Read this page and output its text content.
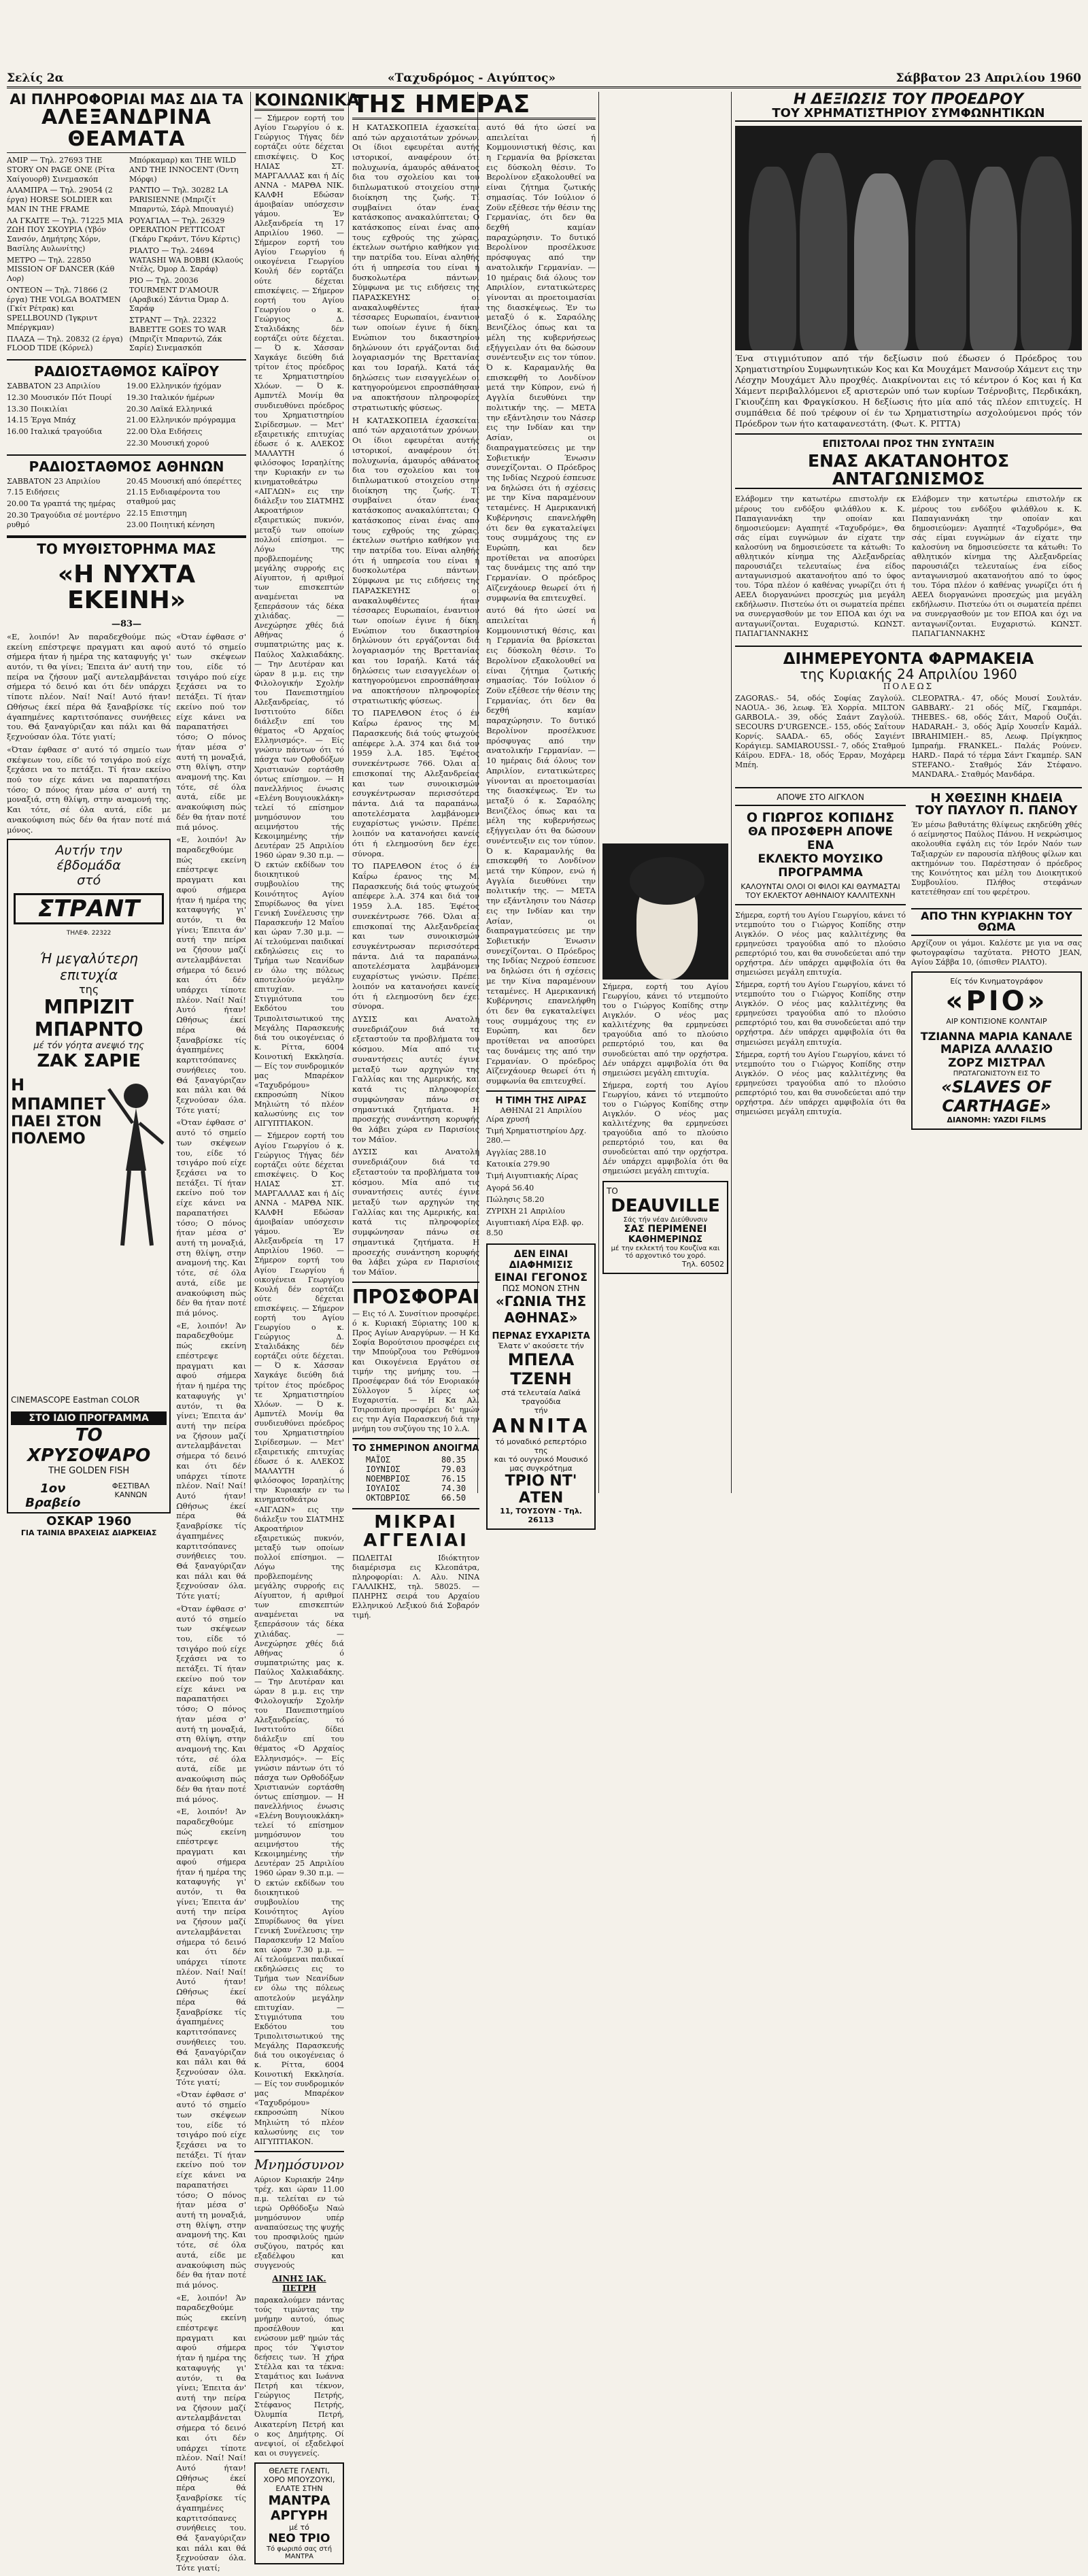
Σελίς 2α	«Ταχυδρόμος - Αιγύπτος»	Σάββατον 23 Απριλίου 1960
ΑΙ ΠΛΗΡΟΦΟΡΙΑΙ ΜΑΣ ΔΙΑ ΤΑ
ΑΛΕΞΑΝΔΡΙΝΑ ΘΕΑΜΑΤΑ
ΑΜΙΡ — Τηλ. 27693 THE STORY ON PAGE ONE (Ρίτα Χαίγουορθ) Σινεμασκόπ
ΑΛΑΜΠΡΑ — Τηλ. 29054 (2 έργα) HORSE SOLDIER και MAN IN THE FRAME
ΛΑ ΓΚΑΙΤΕ — Τηλ. 71225 ΜΙΑ ΖΩΗ ΠΟΥ ΣΚΟΥΡΙΑ (Υβόν Σανσόν, Δημήτρης Χόρν, Βασίλης Αυλωνίτης)
ΜΕΤΡΟ — Τηλ. 22850 MISSION OF DANCER (Κάθ Λορ)
ΟΝΤΕΟΝ — Τηλ. 71866 (2 έργα) THE VOLGA BOATMEN (Γκίτ Ρέτρακ) και SPELLBOUND (Ίγκριντ Μπέργκμαν)
ΠΛΑΖΑ — Τηλ. 20832 (2 έργα) FLOOD TIDE (Κόρνελ)
Μπόρκαμαρ) και THE WILD AND THE INNOCENT (Όντη Μόρφι)
ΡΑΝΤΙΟ — Τηλ. 30282 LA PARISIENNE (Μπριζίτ Μπαρντώ, Σάρλ Μπουαγιέ)
ΡΟΥΑΓΙΑΛ — Τηλ. 26329 OPERATION PETTICOAT (Γκάρυ Γκράντ, Τόνυ Κέρτις)
ΡΙΑΛΤΟ — Τηλ. 24694 WATASHI WA BOBBI (Κλαούς Ντέλς, Όμορ Δ. Σαράφ)
ΡΙΟ — Τηλ. 20036 TOURMENT D'AMOUR (Αραβικό) Σάντια Όμαρ Δ. Σαράφ
ΣΤΡΑΝΤ — Τηλ. 22322 BABETTE GOES TO WAR (Μπριζίτ Μπαρντώ, Ζάκ Σαρίε) Σινεμασκόπ
ΡΑΔΙΟΣΤΑΘΜΟΣ ΚΑΪΡΟΥ
ΣΑΒΒΑΤΟΝ 23 Απριλίου
12.30 Μουσικόν Πότ Πουρί
13.30 Ποικιλίαι
14.15 Έργα Μπάχ
16.00 Ιταλικά τραγούδια
19.00 Ελληνικόν ήχόμαν
19.30 Ιταλικόν ήμέρων
20.30 Λαϊκά Ελληνικά
21.00 Ελληνικόν πρόγραμμα
22.00 Όλα Ειδήσεις
22.30 Μουσική χορού
ΡΑΔΙΟΣΤΑΘΜΟΣ ΑΘΗΝΩΝ
ΣΑΒΒΑΤΟΝ 23 Απριλίου
7.15 Ειδήσεις
20.00 Τα γραπτά της ημέρας
20.30 Τραγούδια σέ μοντέρνο ρυθμό
20.45 Μουσική από όπερέττες
21.15 Ενδιαφέροντα του σταθμού μας
22.15 Επιστημη
23.00 Ποιητική κένηση
ΤΟ ΜΥΘΙΣΤΟΡΗΜΑ ΜΑΣ
«Η ΝΥΧΤΑ ΕΚΕΙΝΗ»
—83—
«Ε, λοιπόν! Άν παραδεχθούμε πώς εκείνη επέστρεψε πραγματι και αφού σήμερα ήταν ή ημέρα της καταφυγής γι' αυτόν, τι θα γίνει; Έπειτα άν' αυτή την πείρα να ζήσουν μαζί αντελαμβάνεται σήμερα τό δεινό και ότι δέν υπάρχει τίποτε πλέον. Ναί! Ναί! Αυτό ήταν! Ωθήσως έκεί πέρα θά ξαναβρίσκε τίς άγαπημένες καρτιτσόπανες συνήθειες του. Θά ξαναγύριζαν και πάλι και θά ξεχνούσαν όλα. Τότε γιατί;
«Όταν έφθασε σ' αυτό τό σημείο των σκέψεων του, είδε τό τσιγάρο πού είχε ξεχάσει να το πετάξει. Τί ήταν εκείνο πού τον είχε κάνει να παραπατήσει τόσο; Ο πόνος ήταν μέσα σ' αυτή τη μοναξιά, στη θλίψη, στην αναμονή της. Και τότε, σέ όλα αυτά, είδε με ανακούφιση πώς δέν θα ήταν ποτέ πιά μόνος.
Αυτήν την
έβδομάδα
στό
ΣΤΡΑΝΤ
ΤΗΛΕΦ. 22322
Ή μεγαλύτερη επιτυχία
της
ΜΠΡΙΖΙΤ ΜΠΑΡΝΤΟ
μέ τόν γόητα ανεψιό της
ΖΑΚ ΣΑΡΙΕ
Η ΜΠΑΜΠΕΤ
ΠΑΕΙ ΣΤΟΝ
ΠΟΛΕΜΟ
CINEMASCOPE Eastman COLOR
ΣΤΟ ΙΔΙΟ ΠΡΟΓΡΑΜΜΑ
ΤΟ ΧΡΥΣΟΨΑΡΟ
THE GOLDEN FISH
1ον Βραβείο
ΦΕΣΤΙΒΑΛ ΚΑΝΝΩΝ
ΟΣΚΑΡ 1960
ΓΙΑ ΤΑΙΝΙΑ ΒΡΑΧΕΙΑΣ ΔΙΑΡΚΕΙΑΣ
«Όταν έφθασε σ' αυτό τό σημείο των σκέψεων του, είδε τό τσιγάρο πού είχε ξεχάσει να το πετάξει. Τί ήταν εκείνο πού τον είχε κάνει να παραπατήσει τόσο; Ο πόνος ήταν μέσα σ' αυτή τη μοναξιά, στη θλίψη, στην αναμονή της. Και τότε, σέ όλα αυτά, είδε με ανακούφιση πώς δέν θα ήταν ποτέ πιά μόνος.
«Ε, λοιπόν! Άν παραδεχθούμε πώς εκείνη επέστρεψε πραγματι και αφού σήμερα ήταν ή ημέρα της καταφυγής γι' αυτόν, τι θα γίνει; Έπειτα άν' αυτή την πείρα να ζήσουν μαζί αντελαμβάνεται σήμερα τό δεινό και ότι δέν υπάρχει τίποτε πλέον. Ναί! Ναί! Αυτό ήταν! Ωθήσως έκεί πέρα θά ξαναβρίσκε τίς άγαπημένες καρτιτσόπανες συνήθειες του. Θά ξαναγύριζαν και πάλι και θά ξεχνούσαν όλα. Τότε γιατί;
«Όταν έφθασε σ' αυτό τό σημείο των σκέψεων του, είδε τό τσιγάρο πού είχε ξεχάσει να το πετάξει. Τί ήταν εκείνο πού τον είχε κάνει να παραπατήσει τόσο; Ο πόνος ήταν μέσα σ' αυτή τη μοναξιά, στη θλίψη, στην αναμονή της. Και τότε, σέ όλα αυτά, είδε με ανακούφιση πώς δέν θα ήταν ποτέ πιά μόνος.
«Ε, λοιπόν! Άν παραδεχθούμε πώς εκείνη επέστρεψε πραγματι και αφού σήμερα ήταν ή ημέρα της καταφυγής γι' αυτόν, τι θα γίνει; Έπειτα άν' αυτή την πείρα να ζήσουν μαζί αντελαμβάνεται σήμερα τό δεινό και ότι δέν υπάρχει τίποτε πλέον. Ναί! Ναί! Αυτό ήταν! Ωθήσως έκεί πέρα θά ξαναβρίσκε τίς άγαπημένες καρτιτσόπανες συνήθειες του. Θά ξαναγύριζαν και πάλι και θά ξεχνούσαν όλα. Τότε γιατί;
«Όταν έφθασε σ' αυτό τό σημείο των σκέψεων του, είδε τό τσιγάρο πού είχε ξεχάσει να το πετάξει. Τί ήταν εκείνο πού τον είχε κάνει να παραπατήσει τόσο; Ο πόνος ήταν μέσα σ' αυτή τη μοναξιά, στη θλίψη, στην αναμονή της. Και τότε, σέ όλα αυτά, είδε με ανακούφιση πώς δέν θα ήταν ποτέ πιά μόνος.
«Ε, λοιπόν! Άν παραδεχθούμε πώς εκείνη επέστρεψε πραγματι και αφού σήμερα ήταν ή ημέρα της καταφυγής γι' αυτόν, τι θα γίνει; Έπειτα άν' αυτή την πείρα να ζήσουν μαζί αντελαμβάνεται σήμερα τό δεινό και ότι δέν υπάρχει τίποτε πλέον. Ναί! Ναί! Αυτό ήταν! Ωθήσως έκεί πέρα θά ξαναβρίσκε τίς άγαπημένες καρτιτσόπανες συνήθειες του. Θά ξαναγύριζαν και πάλι και θά ξεχνούσαν όλα. Τότε γιατί;
«Όταν έφθασε σ' αυτό τό σημείο των σκέψεων του, είδε τό τσιγάρο πού είχε ξεχάσει να το πετάξει. Τί ήταν εκείνο πού τον είχε κάνει να παραπατήσει τόσο; Ο πόνος ήταν μέσα σ' αυτή τη μοναξιά, στη θλίψη, στην αναμονή της. Και τότε, σέ όλα αυτά, είδε με ανακούφιση πώς δέν θα ήταν ποτέ πιά μόνος.
«Ε, λοιπόν! Άν παραδεχθούμε πώς εκείνη επέστρεψε πραγματι και αφού σήμερα ήταν ή ημέρα της καταφυγής γι' αυτόν, τι θα γίνει; Έπειτα άν' αυτή την πείρα να ζήσουν μαζί αντελαμβάνεται σήμερα τό δεινό και ότι δέν υπάρχει τίποτε πλέον. Ναί! Ναί! Αυτό ήταν! Ωθήσως έκεί πέρα θά ξαναβρίσκε τίς άγαπημένες καρτιτσόπανες συνήθειες του. Θά ξαναγύριζαν και πάλι και θά ξεχνούσαν όλα. Τότε γιατί;
ΚΟΙΝΩΝΙΚΑ
— Σήμερον εορτή του Αγίου Γεωργίου ό κ. Γεώργιος Τήγας δέν εορτάζει ούτε δέχεται επισκέψεις. Ό Κος ΗΛΙΑΣ ΣΤ. ΜΑΡΓΑΛΛΑΣ και ή Δίς ΑΝΝΑ - ΜΑΡΘΑ ΝΙΚ. ΚΑΛΦΗ Εδώσαν άμοιβαίαν υπόσχεσιν γάμου. Έν Αλεξανδρεία τη 17 Απριλίου 1960. — Σήμερον εορτή του Αγίου Γεωργίου ή οικογένεια Γεωργίου Κουλή δέν εορτάζει ούτε δέχεται επισκέψεις. — Σήμερον εορτή του Αγίου Γεωργίου ο κ. Γεώργιος Δ. Σταλιδάκης δέν εορτάζει ούτε δέχεται. — Ό κ. Χάσσαν Χαγκάγε διεύθη διά τρίτον έτος πρόεδρος τε Χρηματιστηρίου Χλόων. — Ό κ. Αμπντέλ Μονίμ θα συνδιευθύνει πρόεδρος του Χρηματιστηρίου Σιρίδεσμων. — Μετ' εξαιρετικής επιτυχίας έδωσε ό κ. ΑΛΕΚΟΣ ΜΑΛΑΥΤΗ ό φιλόσοφος Ισραηλίτης την Κυριακήν εν τω κινηματοθεάτρω «ΑΙΓΛΩΝ» εις την διάλεξιν του ΣΙΑΤΜΗΣ Ακροατήριον εξαιρετικώς πυκνόν, μεταξύ των οποίων πολλοί επίσημοι. — Λόγω της προβλεπομένης μεγάλης συρροής εις Αίγυπτον, ή αριθμοί των επισκεπτών αναμένεται να ξεπεράσουν τάς δέκα χιλιάδας. — Ανεχώρησε χθές διά Αθήνας ό συμπατριώτης μας κ. Παύλος Χαλκιαδάκης. — Την Δευτέραν και ώραν 8 μ.μ. εις την Φιλολογικήν Σχολήν του Πανεπιστημίου Αλεξανδρείας, τό Ινστιτούτο δίδει διάλεξιν επί του θέματος «Ό Αρχαίος Ελληνισμός». — Είς γνώσιν πάντων ότι τό πάσχα των Ορθοδόξων Χριστιανών εορτάσθη όντως επίσημον. — Η πανελλήνιος ένωσις «Ελένη Βουγιουκλάκη» τελεί τό επίσημον μνημόσυνον του αειμνήστου τής Κεκοιμημένης τήν Δευτέραν 25 Απριλίου 1960 ώραν 9.30 π.μ. — Ό εκτών εκδίδων του διοικητικού συμβουλίου της Κοινότητος Αγίου Σπυρίδωνος θα γίνει Γενική Συνέλευσις την Παρασκευήν 12 Μαΐου και ώραν 7.30 μ.μ. — Αί τελούμεναι παιδικαί εκδηλώσεις εις το Τμήμα των Νεανίδων εν όλω της πόλεως αποτελούν μεγάλην επιτυχίαν. — Στιγμιότυπα του Εκδότου του Τριπολιτσιωτικού της Μεγάλης Παρασκευής διά του οικογένειας ό κ. Ρίττα, 6004 Κοινοτική Εκκλησία. — Είς τον συνδρομικόν μας Μπαρέκον «Ταχυδρόμου» εκπροσώπη Νίκου Μηλιώτη τό πλέον καλωσύνης εις τον ΑΙΓΥΠΤΙΑΚΟΝ.
— Σήμερον εορτή του Αγίου Γεωργίου ό κ. Γεώργιος Τήγας δέν εορτάζει ούτε δέχεται επισκέψεις. Ό Κος ΗΛΙΑΣ ΣΤ. ΜΑΡΓΑΛΛΑΣ και ή Δίς ΑΝΝΑ - ΜΑΡΘΑ ΝΙΚ. ΚΑΛΦΗ Εδώσαν άμοιβαίαν υπόσχεσιν γάμου. Έν Αλεξανδρεία τη 17 Απριλίου 1960. — Σήμερον εορτή του Αγίου Γεωργίου ή οικογένεια Γεωργίου Κουλή δέν εορτάζει ούτε δέχεται επισκέψεις. — Σήμερον εορτή του Αγίου Γεωργίου ο κ. Γεώργιος Δ. Σταλιδάκης δέν εορτάζει ούτε δέχεται. — Ό κ. Χάσσαν Χαγκάγε διεύθη διά τρίτον έτος πρόεδρος τε Χρηματιστηρίου Χλόων. — Ό κ. Αμπντέλ Μονίμ θα συνδιευθύνει πρόεδρος του Χρηματιστηρίου Σιρίδεσμων. — Μετ' εξαιρετικής επιτυχίας έδωσε ό κ. ΑΛΕΚΟΣ ΜΑΛΑΥΤΗ ό φιλόσοφος Ισραηλίτης την Κυριακήν εν τω κινηματοθεάτρω «ΑΙΓΛΩΝ» εις την διάλεξιν του ΣΙΑΤΜΗΣ Ακροατήριον εξαιρετικώς πυκνόν, μεταξύ των οποίων πολλοί επίσημοι. — Λόγω της προβλεπομένης μεγάλης συρροής εις Αίγυπτον, ή αριθμοί των επισκεπτών αναμένεται να ξεπεράσουν τάς δέκα χιλιάδας. — Ανεχώρησε χθές διά Αθήνας ό συμπατριώτης μας κ. Παύλος Χαλκιαδάκης. — Την Δευτέραν και ώραν 8 μ.μ. εις την Φιλολογικήν Σχολήν του Πανεπιστημίου Αλεξανδρείας, τό Ινστιτούτο δίδει διάλεξιν επί του θέματος «Ό Αρχαίος Ελληνισμός». — Είς γνώσιν πάντων ότι τό πάσχα των Ορθοδόξων Χριστιανών εορτάσθη όντως επίσημον. — Η πανελλήνιος ένωσις «Ελένη Βουγιουκλάκη» τελεί τό επίσημον μνημόσυνον του αειμνήστου τής Κεκοιμημένης τήν Δευτέραν 25 Απριλίου 1960 ώραν 9.30 π.μ. — Ό εκτών εκδίδων του διοικητικού συμβουλίου της Κοινότητος Αγίου Σπυρίδωνος θα γίνει Γενική Συνέλευσις την Παρασκευήν 12 Μαΐου και ώραν 7.30 μ.μ. — Αί τελούμεναι παιδικαί εκδηλώσεις εις το Τμήμα των Νεανίδων εν όλω της πόλεως αποτελούν μεγάλην επιτυχίαν. — Στιγμιότυπα του Εκδότου του Τριπολιτσιωτικού της Μεγάλης Παρασκευής διά του οικογένειας ό κ. Ρίττα, 6004 Κοινοτική Εκκλησία. — Είς τον συνδρομικόν μας Μπαρέκον «Ταχυδρόμου» εκπροσώπη Νίκου Μηλιώτη τό πλέον καλωσύνης εις τον ΑΙΓΥΠΤΙΑΚΟΝ.
Μνημόσυνον
Αύριον Κυριακήν 24ην τρέχ. και ώραν 11.00 π.μ. τελείται εν τώ ιερώ Ορθόδοξω Ναώ μνημόσυνον υπέρ αναπαύσεως της ψυχής του προσφιλούς ημών συζύγου, πατρός και εξαδέλφου και συγγενούς
ΑΙΝΗΣ ΙΑΚ. ΠΕΤΡΗ
παρακαλούμεν πάντας τούς τιμώντας την μνήμην αυτού, όπως προσέλθουν και ενώσουν μεθ' ημών τάς προς τόν Ύψιστον δεήσεις των. Ή χήρα Στέλλα και τα τέκνα: Σταμάτιος και Ιωάννα Πετρή και τέκνον, Γεώργιος Πετρής, Στέφανος Πετρής, Όλυμπία Πετρή, Αικατερίνη Πετρή και ο κος Δημήτρης. Οί ανεψιοί, οί εξαδελφοί και οι συγγενείς.
ΘΕΛΕΤΕ ΓΛΕΝΤΙ, ΧΟΡΟ ΜΠΟΥΖΟΥΚΙ, ΕΛΑΤΕ ΣΤΗΝ
ΜΑΝΤΡΑ ΑΡΓΥΡΗ
μέ τό
ΝΕΟ ΤΡΙΟ
Τό φωριπό σας στή ΜΑΝΤΡΑ
ΤΗΣ ΗΜΕΡΑΣ
Η ΚΑΤΑΣΚΟΠΕΙΑ έχασκείται από τών αρχαιοτάτων χρόνων. Οι ίδιοι εφευρέται αυτής ιστορικοί, αναφέρουν ότι πολυχωνία, άμαυρός αθάνατος δια του σχολείου και του διπλωματικού στοιχείου στην διοίκηση της ζωής. Τί συμβαίνει όταν ένας κατάσκοπος ανακαλύπτεται; Ο κατάσκοπος είναι ένας απο τους εχθρούς της χώρας, έκτελων σωτήριο καθήκον για την πατρίδα του. Είναι αληθής ότι ή υπηρεσία του είναι ή δυσκολωτέρα πάντων. Σύμφωνα με τις ειδήσεις της ΠΑΡΑΣΚΕΥΗΣ οι ανακαλυφθέντες ήταν τέσσαρες Ευρωπαίοι, έναντιον των οποίων έγινε ή δίκη. Ενώπιον του δικαστηρίου δηλώνουν ότι εργάζονται διά λογαριασμόν της Βρεττανίας και του Ισραήλ. Κατά τάς δηλώσεις των εισαγγελέων οι κατηγορούμενοι επροσπάθησαν να αποκτήσουν πληροφορίες στρατιωτικής φύσεως.
Η ΚΑΤΑΣΚΟΠΕΙΑ έχασκείται από τών αρχαιοτάτων χρόνων. Οι ίδιοι εφευρέται αυτής ιστορικοί, αναφέρουν ότι πολυχωνία, άμαυρός αθάνατος δια του σχολείου και του διπλωματικού στοιχείου στην διοίκηση της ζωής. Τί συμβαίνει όταν ένας κατάσκοπος ανακαλύπτεται; Ο κατάσκοπος είναι ένας απο τους εχθρούς της χώρας, έκτελων σωτήριο καθήκον για την πατρίδα του. Είναι αληθής ότι ή υπηρεσία του είναι ή δυσκολωτέρα πάντων. Σύμφωνα με τις ειδήσεις της ΠΑΡΑΣΚΕΥΗΣ οι ανακαλυφθέντες ήταν τέσσαρες Ευρωπαίοι, έναντιον των οποίων έγινε ή δίκη. Ενώπιον του δικαστηρίου δηλώνουν ότι εργάζονται διά λογαριασμόν της Βρεττανίας και του Ισραήλ. Κατά τάς δηλώσεις των εισαγγελέων οι κατηγορούμενοι επροσπάθησαν να αποκτήσουν πληροφορίες στρατιωτικής φύσεως.
ΤΟ ΠΑΡΕΛΘΟΝ έτος ό έν Καΐρω έρανος της Μ. Παρασκευής διά τούς φτωχούς απέφερε λ.Α. 374 και διά τον 1959 λ.Α. 185. Έφέτος συνεκέντρωσε 766. Όλαι αί επισκοπαί της Αλεξανδρείας και των συνοικισμών εσυγκέντρωσαν περισσότερα πάντα. Διά τα παραπάνω, αποτελέσματα λαμβάνομεν ευχαρίστως γνώσιν. Πρέπει λοιπόν να κατανοήσει κανείς ότι ή ελεημοσύνη δεν έχει σύνορα.
ΤΟ ΠΑΡΕΛΘΟΝ έτος ό έν Καΐρω έρανος της Μ. Παρασκευής διά τούς φτωχούς απέφερε λ.Α. 374 και διά τον 1959 λ.Α. 185. Έφέτος συνεκέντρωσε 766. Όλαι αί επισκοπαί της Αλεξανδρείας και των συνοικισμών εσυγκέντρωσαν περισσότερα πάντα. Διά τα παραπάνω, αποτελέσματα λαμβάνομεν ευχαρίστως γνώσιν. Πρέπει λοιπόν να κατανοήσει κανείς ότι ή ελεημοσύνη δεν έχει σύνορα.
ΔΥΣΙΣ και Ανατολή συνεδριάζουν διά τα εξεταστούν τα προβλήματα του κόσμου. Μία από τις συναντήσεις αυτές έγινε μεταξύ των αρχηγών της Γαλλίας και της Αμερικής, και κατά τις πληροφορίες συμφώνησαν πάνω σε σημαντικά ζητήματα. Η προσεχής συνάντηση κορυφής θα λάβει χώρα εν Παρισίοις τον Μάϊον.
ΔΥΣΙΣ και Ανατολή συνεδριάζουν διά τα εξεταστούν τα προβλήματα του κόσμου. Μία από τις συναντήσεις αυτές έγινε μεταξύ των αρχηγών της Γαλλίας και της Αμερικής, και κατά τις πληροφορίες συμφώνησαν πάνω σε σημαντικά ζητήματα. Η προσεχής συνάντηση κορυφής θα λάβει χώρα εν Παρισίοις τον Μάϊον.
ΠΡΟΣΦΟΡΑΙ
— Εις τό Λ. Συνσίτιον προσφέρει ό κ. Κυριακή Ξύριατης 100 κ. Προς Αγίων Αναργύρων. — Η Κα Σοφία Βορούτσιου προσφέρει εις την Μπούρζουα του Ρεθύμνου και Οικογένεια Εργάτου σε τιμήν της μνήμης του. — Προσέφεραν διά τόν Ενοριακόν Σύλλογον 5 λίρες ως Ευχαριστία. — Η Κα Αλ. Τσιροπιάνη προσφέρει δι' ημών εις την Αγία Παρασκευή διά την μνήμη του συζύγου της 10 λ.Α.
ΤΟ ΣΗΜΕΡΙΝΟΝ ΑΝΟΙΓΜΑ
ΜΑΪΟΣ	80.35
ΙΟΥΝΙΟΣ	79.03
ΝΟΕΜΒΡΙΟΣ	76.15
ΙΟΥΛΙΟΣ	74.30
ΟΚΤΩΒΡΙΟΣ	66.50
ΜΙΚΡΑΙ ΑΓΓΕΛΙΑΙ
ΠΩΛΕΙΤΑΙ Ιδιόκτητον διαμέρισμα εις Κλεοπάτρα, πληροφορίαι: Λ. Αλυ. ΝΙΝΑ ΓΑΛΛΙΚΗΣ, τηλ. 58025. — ΠΛΗΡΗΣ σειρά του Αρχαίου Ελληνικού Λεξικού διά Σοβαρόν τιμή.
αυτό θά ήτο ώσεί να απειλείται ή Κομμουνιστική θέσις, και η Γερμανία θα βρίσκεται εις δύσκολη θέσιν. Το Βερολίνον εξακολουθεί να είναι ζήτημα ζωτικής σημασίας. Τόν Ιούλιον ό Ζοϋν εξέθεσε τήν θέσιν της Γερμανίας, ότι δεν θα δεχθή καμίαν παραχώρησιν. Το δυτικό Βερολίνον προσέλκυσε πρόσφυγας από την ανατολικήν Γερμανίαν. — 10 ημέραις διά όλους τον Απριλίον, εντατικώτερες γίνονται αι προετοιμασίαι της διασκέψεως. Έν τω μεταξύ ό κ. Σαραόλης Βενιζέλος όπως και τα μέλη της κυβερνήσεως εξήγγειλαν ότι θα δώσουν συνέντευξιν εις τον τύπον. Ό κ. Καραμανλής θα επισκεφθή το Λονδίνον μετά την Κύπρον, ενώ ή Αγγλία διευθύνει την πολιτικήν της. — ΜΕΤΑ την εξάντλησιν του Νάσερ εις την Ινδίαν και την Ασίαν, οι διαπραγματεύσεις με την Σοβιετικήν Ένωσιν συνεχίζονται. Ο Πρόεδρος της Ινδίας Νεχρού έσπευσε να δηλώσει ότι ή σχέσεις με την Κίνα παραμένουν τεταμένες. Η Αμερικανική Κυβέρνησις επανελήφθη ότι δεν θα εγκαταλείψει τους συμμάχους της εν Ευρώπη, και δεν προτίθεται να αποσύρει τας δυνάμεις της από την Γερμανίαν. Ο πρόεδρος Αϊζενχάουερ θεωρεί ότι ή συμφωνία θα επιτευχθεί.
αυτό θά ήτο ώσεί να απειλείται ή Κομμουνιστική θέσις, και η Γερμανία θα βρίσκεται εις δύσκολη θέσιν. Το Βερολίνον εξακολουθεί να είναι ζήτημα ζωτικής σημασίας. Τόν Ιούλιον ό Ζοϋν εξέθεσε τήν θέσιν της Γερμανίας, ότι δεν θα δεχθή καμίαν παραχώρησιν. Το δυτικό Βερολίνον προσέλκυσε πρόσφυγας από την ανατολικήν Γερμανίαν. — 10 ημέραις διά όλους τον Απριλίον, εντατικώτερες γίνονται αι προετοιμασίαι της διασκέψεως. Έν τω μεταξύ ό κ. Σαραόλης Βενιζέλος όπως και τα μέλη της κυβερνήσεως εξήγγειλαν ότι θα δώσουν συνέντευξιν εις τον τύπον. Ό κ. Καραμανλής θα επισκεφθή το Λονδίνον μετά την Κύπρον, ενώ ή Αγγλία διευθύνει την πολιτικήν της. — ΜΕΤΑ την εξάντλησιν του Νάσερ εις την Ινδίαν και την Ασίαν, οι διαπραγματεύσεις με την Σοβιετικήν Ένωσιν συνεχίζονται. Ο Πρόεδρος της Ινδίας Νεχρού έσπευσε να δηλώσει ότι ή σχέσεις με την Κίνα παραμένουν τεταμένες. Η Αμερικανική Κυβέρνησις επανελήφθη ότι δεν θα εγκαταλείψει τους συμμάχους της εν Ευρώπη, και δεν προτίθεται να αποσύρει τας δυνάμεις της από την Γερμανίαν. Ο πρόεδρος Αϊζενχάουερ θεωρεί ότι ή συμφωνία θα επιτευχθεί.
Η ΤΙΜΗ ΤΗΣ ΛΙΡΑΣ
ΑΘΗΝΑΙ 21 Απριλίου
Λίρα χρυσή
Τιμή Χρηματιστηρίου Δρχ. 280.—
Αγγλίας 288.10
Κατοικία 279.90
Τιμή Αιγυπτιακής Λίρας
Αγορά 56.40
Πώλησις 58.20
ΖΥΡΙΧΗ 21 Απριλίου
Αιγυπτιακή Λίρα Ελβ. φρ. 8.50
ΔΕΝ ΕΙΝΑΙ ΔΙΑΦΗΜΙΣΙΣ
ΕΙΝΑΙ ΓΕΓΟΝΟΣ
ΠΩΣ ΜΟΝΟΝ ΣΤΗΝ
«ΓΩΝΙΑ ΤΗΣ ΑΘΗΝΑΣ»
ΠΕΡΝΑΣ ΕΥΧΑΡΙΣΤΑ
Έλατε ν' ακούσετε τήν
ΜΠΕΛΑ ΤΖΕΝΗ
στά τελευταία Λαϊκά τραγούδια
τήν
ΑΝΝΙΤΑ
τό μοναδικό ρεπερτόριο της
και τό ουγγρικό Μουσικό μας συγκρότημα
ΤΡΙΟ ΝΤ' ΑΤΕΝ
11, ΤΟΥΣΟΥΝ - Τηλ. 26113
Σήμερα, εορτή του Αγίου Γεωργίου, κάνει τό ντεμπούτο του ο Γιώργος Κοπίδης στην Αιγκλόν. Ο νέος μας καλλιτέχνης θα ερμηνεύσει τραγούδια από το πλούσιο ρεπερτόριό του, και θα συνοδεύεται από την ορχήστρα. Δέν υπάρχει αμφιβολία ότι θα σημειώσει μεγάλη επιτυχία.
Σήμερα, εορτή του Αγίου Γεωργίου, κάνει τό ντεμπούτο του ο Γιώργος Κοπίδης στην Αιγκλόν. Ο νέος μας καλλιτέχνης θα ερμηνεύσει τραγούδια από το πλούσιο ρεπερτόριό του, και θα συνοδεύεται από την ορχήστρα. Δέν υπάρχει αμφιβολία ότι θα σημειώσει μεγάλη επιτυχία.
ΤΟ
DEAUVILLE
Σάς τήν νέαν Διεύθυνσιν
ΣΑΣ ΠΕΡΙΜΕΝΕΙ
ΚΑΘΗΜΕΡΙΝΩΣ
μέ την εκλεκτή του Κουζίνα και τό αρχοντικό του χορό.
Τηλ. 60502
Η ΔΕΞΙΩΣΙΣ ΤΟΥ ΠΡΟΕΔΡΟΥ
ΤΟΥ ΧΡΗΜΑΤΙΣΤΗΡΙΟΥ ΣΥΜΦΩΝΗΤΙΚΩΝ
Ένα στιγμιότυπον από τήν δεξίωσιν πού έδωσεν ό Πρόεδρος του Χρηματιστηρίου Συμφωνητικών Κος και Κα Μουχάμετ Μανσούρ Χάμεντ εις την Λέσχην Μουχάμετ Άλυ προχθές. Διακρίνονται εις τό κέντρον ό Κος και ή Κα Χάμεντ περιβαλλόμενοι εξ αριστερών υπό των κυρίων Τσέρνοβιτς, Περδικάκη, Γκιουζέπη και Φραγκίσκου. Η δεξίωσις ήτο μία από τάς πλέον επιτυχείς. Η συμπάθεια δέ πού τρέφουν οί έν τω Χρηματιστηρίω ασχολούμενοι πρός τόν Πρόεδρον των ήτο καταφανεστάτη. (Φωτ. Κ. ΡΙΤΤΑ)
ΕΠΙΣΤΟΛΑΙ ΠΡΟΣ ΤΗΝ ΣΥΝΤΑΞΙΝ
ΕΝΑΣ ΑΚΑΤΑΝΟΗΤΟΣ ΑΝΤΑΓΩΝΙΣΜΟΣ
Ελάβομεν την κατωτέρω επιστολήν εκ μέρους του ενδόξου φιλάθλου κ. Κ. Παπαγιαννάκη την οποίαν και δημοσιεύομεν: Αγαπητέ «Ταχυδρόμε», Θα σάς είμαι ευγνώμων άν είχατε την καλοσύνη να δημοσιεύσετε τα κάτωθι: Το αθλητικόν κίνημα της Αλεξανδρείας παρουσιάζει τελευταίως ένα είδος ανταγωνισμού ακατανοήτου από το ύφος του. Τόρα πλέον ό καθένας γνωρίζει ότι ή ΑΕΕΛ διοργανώνει προσεχώς μια μεγάλη εκδήλωσιν. Πιστεύω ότι οι σωματεία πρέπει να συνεργασθούν με τον ΕΠΟΑ και όχι να ανταγωνίζονται. Ευχαριστώ. ΚΩΝΣΤ. ΠΑΠΑΓΙΑΝΝΑΚΗΣ
Ελάβομεν την κατωτέρω επιστολήν εκ μέρους του ενδόξου φιλάθλου κ. Κ. Παπαγιαννάκη την οποίαν και δημοσιεύομεν: Αγαπητέ «Ταχυδρόμε», Θα σάς είμαι ευγνώμων άν είχατε την καλοσύνη να δημοσιεύσετε τα κάτωθι: Το αθλητικόν κίνημα της Αλεξανδρείας παρουσιάζει τελευταίως ένα είδος ανταγωνισμού ακατανοήτου από το ύφος του. Τόρα πλέον ό καθένας γνωρίζει ότι ή ΑΕΕΛ διοργανώνει προσεχώς μια μεγάλη εκδήλωσιν. Πιστεύω ότι οι σωματεία πρέπει να συνεργασθούν με τον ΕΠΟΑ και όχι να ανταγωνίζονται. Ευχαριστώ. ΚΩΝΣΤ. ΠΑΠΑΓΙΑΝΝΑΚΗΣ
ΔΙΗΜΕΡΕΥΟΝΤΑ ΦΑΡΜΑΚΕΙΑ
της Κυριακής 24 Απριλίου 1960
ΠΟΛΕΩΣ
ZAGORAS.- 54, οδός Σοφίας Ζαγλούλ. NAOUA.- 36, λεωφ. Έλ Χορρία. MILTON GARBOLA.- 39, οδός Σαάντ Ζαγλούλ. SECOURS D'URGENCE.- 155, οδός Σαΐτουν Κορνίς. SAADA.- 65, οδός Σαγιέντ Κοράγιεμ. SAMIAROUSSI.- 7, οδός Σταθμού Κάϊρου. EDFA.- 18, οδός Έρραν, Μοχάρεμ Μπέη.
CLEOPATRA.- 47, οδός Μουσί Σουλτάν. GABBARY.- 21 οδός Μίζ, Γκαμπάρι. THEBES.- 68, οδός Σάιτ, Μαροΰ Ουζάι. HADARAH.- 3, οδός Άμίρ Χουσεΐν Καμάλ. IBRAHIMIEH.- 85, Λεωφ. Πρίγκηπος Ιμπραήμ. FRANKEL.- Παλάς Ρούνεν. HARD.- Παρά τό τέρμα Σάντ Γκαμπέρ. SAN STEFANO.- Σταθμός Σάν Στέφανο. MANDARA.- Σταθμός Μανδάρα.
ΑΠΟΨΕ ΣΤΟ ΑΙΓΚΛΟΝ
Ο ΓΙΩΡΓΟΣ ΚΟΠΙΔΗΣ
ΘΑ ΠΡΟΣΦΕΡΗ ΑΠΟΨΕ ΕΝΑ
ΕΚΛΕΚΤΟ ΜΟΥΣΙΚΟ ΠΡΟΓΡΑΜΜΑ
ΚΑΛΟΥΝΤΑΙ ΟΛΟΙ ΟΙ ΦΙΛΟΙ ΚΑΙ ΘΑΥΜΑΣΤΑΙ ΤΟΥ ΕΚΛΕΚΤΟΥ ΑΘΗΝΑΙΟΥ ΚΑΛΛΙΤΕΧΝΗ
Η ΧΘΕΣΙΝΗ ΚΗΔΕΙΑ
ΤΟΥ ΠΑΥΛΟΥ Π. ΠΑΝΟΥ
Έν μέσω βαθυτάτης θλίψεως εκηδεύθη χθές ό αείμνηστος Παύλος Πάνου. Η νεκρώσιμος ακολουθία εψάλη εις τόν Ιερόν Ναόν των Ταξιαρχών εν παρουσία πλήθους φίλων και ακτημόνων του. Παρέστησαν ό πρόεδρος της Κοινότητος και μέλη του Διοικητικού Συμβουλίου. Πλήθος στεφάνων κατετέθησαν επί του φερέτρου.
Σήμερα, εορτή του Αγίου Γεωργίου, κάνει τό ντεμπούτο του ο Γιώργος Κοπίδης στην Αιγκλόν. Ο νέος μας καλλιτέχνης θα ερμηνεύσει τραγούδια από το πλούσιο ρεπερτόριό του, και θα συνοδεύεται από την ορχήστρα. Δέν υπάρχει αμφιβολία ότι θα σημειώσει μεγάλη επιτυχία.
Σήμερα, εορτή του Αγίου Γεωργίου, κάνει τό ντεμπούτο του ο Γιώργος Κοπίδης στην Αιγκλόν. Ο νέος μας καλλιτέχνης θα ερμηνεύσει τραγούδια από το πλούσιο ρεπερτόριό του, και θα συνοδεύεται από την ορχήστρα. Δέν υπάρχει αμφιβολία ότι θα σημειώσει μεγάλη επιτυχία.
Σήμερα, εορτή του Αγίου Γεωργίου, κάνει τό ντεμπούτο του ο Γιώργος Κοπίδης στην Αιγκλόν. Ο νέος μας καλλιτέχνης θα ερμηνεύσει τραγούδια από το πλούσιο ρεπερτόριό του, και θα συνοδεύεται από την ορχήστρα. Δέν υπάρχει αμφιβολία ότι θα σημειώσει μεγάλη επιτυχία.
ΑΠΟ ΤΗΝ ΚΥΡΙΑΚΗΝ ΤΟΥ ΘΩΜΑ
Αρχίζουν οι γάμοι. Καλέστε με για να σας φωτογραφίσω ταχύτατα. PHOTO JEAN, Αγίου Σάββα 10, (όπισθεν ΡΙΑΛΤΟ).
Είς τόν Κινηματογράφον
«ΡΙΟ»
ΑΙΡ ΚΟΝΤΙΣΙΟΝΕ ΚΟΛΝΤΑΙΡ
ΤΖΙΑΝΝΑ ΜΑΡΙΑ ΚΑΝΑΛΕ
ΜΑΡΙΖΑ ΑΛΛΑΣΙΟ
ΖΟΡΖ ΜΙΣΤΡΑΛ
ΠΡΩΤΑΓΩΝΙΣΤΟΥΝ ΕΙΣ ΤΟ
«SLAVES OF CARTHAGE»
ΔΙΑΝΟΜΗ: YAZDI FILMS
